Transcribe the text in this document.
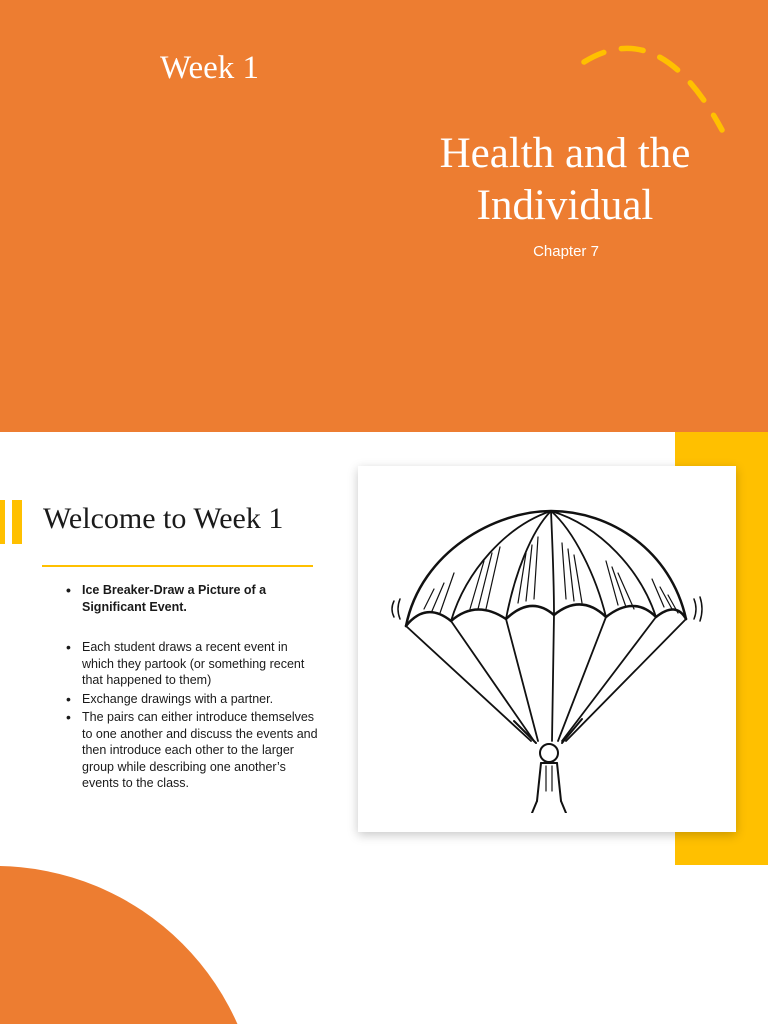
Week 1
Health and the
Individual

Chapter 7

Welcome to Week 1
• Ice Breaker-Draw a Picture of a Significant Event.
• Each student draws a recent event in which they partook (or something recent that happened to them)
• Exchange drawings with a partner.
• The pairs can either introduce themselves to one another and discuss the events and then introduce each other to the larger group while describing one another’s events to the class.
